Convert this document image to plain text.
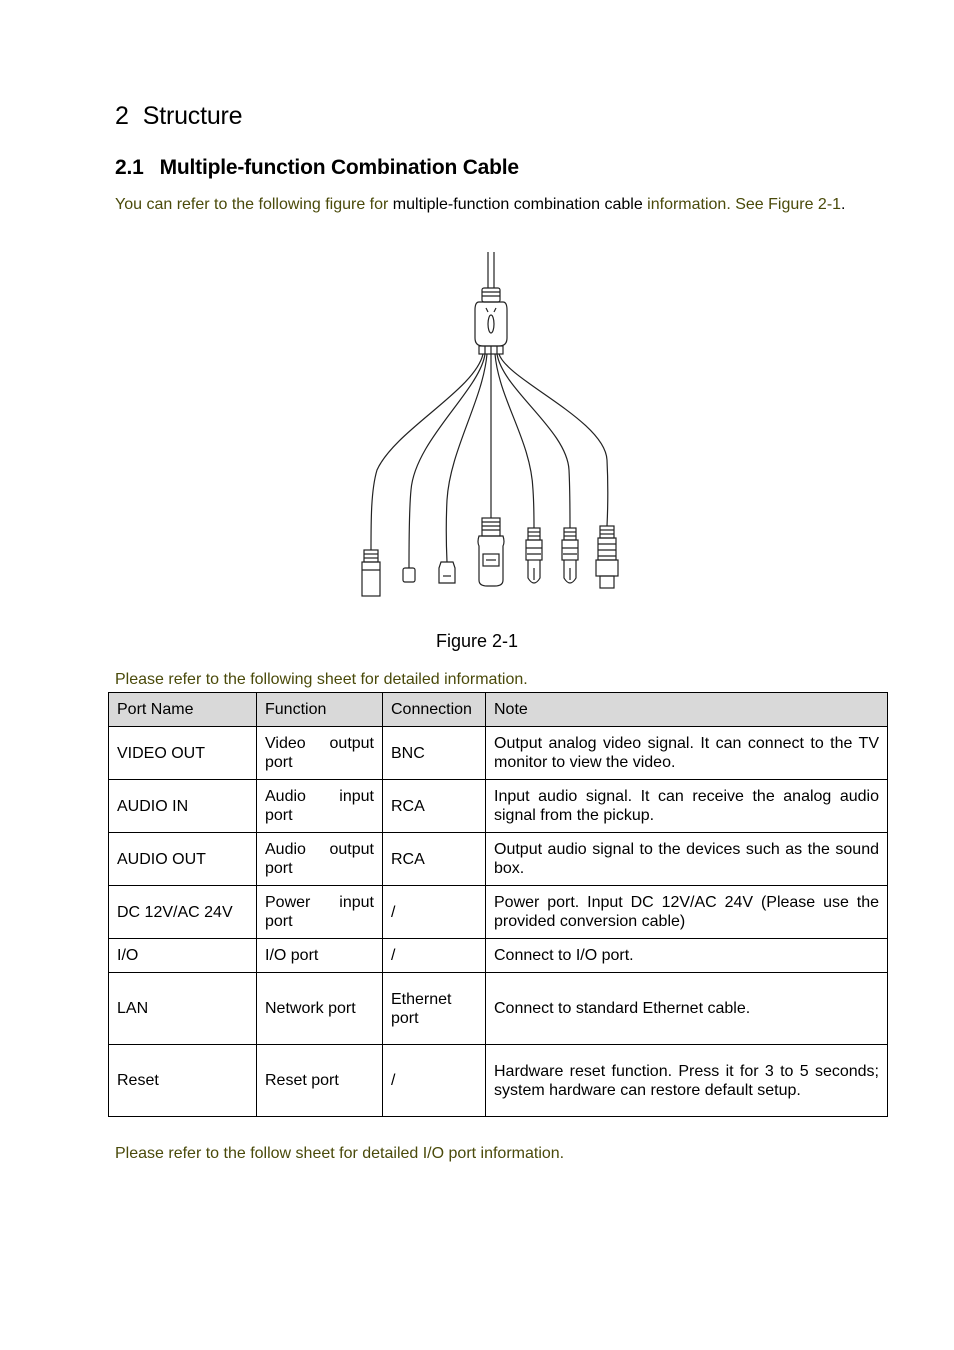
2 Structure
2.1 Multiple-function Combination Cable

You can refer to the following figure for multiple-function combination cable information. See Figure 2-1.

Figure 2-1

Please refer to the following sheet for detailed information.

Port Name	Function	Connection	Note
VIDEO OUT	Video output port	BNC	Output analog video signal. It can connect to the TV monitor to view the video.
AUDIO IN	Audio input port	RCA	Input audio signal. It can receive the analog audio signal from the pickup.
AUDIO OUT	Audio output port	RCA	Output audio signal to the devices such as the sound box.
DC 12V/AC 24V	Power input port	/	Power port. Input DC 12V/AC 24V (Please use the provided conversion cable)
I/O	I/O port	/	Connect to I/O port.
LAN	Network port	Ethernet port	Connect to standard Ethernet cable.
Reset	Reset port	/	Hardware reset function. Press it for 3 to 5 seconds; system hardware can restore default setup.

Please refer to the follow sheet for detailed I/O port information.
